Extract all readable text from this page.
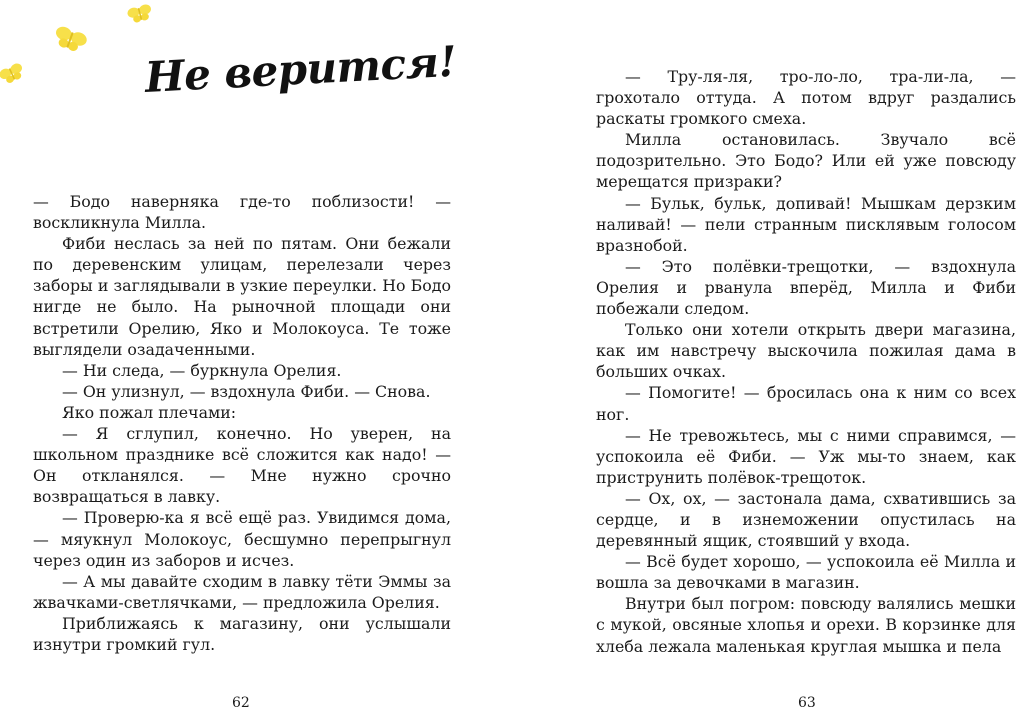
Не верится!

— Бодо наверняка где-то поблизости! — воскликнула Милла.

Фиби неслась за ней по пятам. Они бежали по деревенским улицам, перелезали через заборы и заглядывали в узкие переулки. Но Бодо нигде не было. На рыночной площади они встретили Орелию, Яко и Молокоуса. Те тоже выглядели озадаченными.

— Ни следа, — буркнула Орелия.

— Он улизнул, — вздохнула Фиби. — Снова.

Яко пожал плечами:

— Я сглупил, конечно. Но уверен, на школьном празднике всё сложится как надо! — Он откланялся. — Мне нужно срочно возвращаться в лавку.

— Проверю-ка я всё ещё раз. Увидимся дома, — мяукнул Молокоус, бесшумно перепрыгнул через один из заборов и исчез.

— А мы давайте сходим в лавку тёти Эммы за жвачками-светлячками, — предложила Орелия.

Приближаясь к магазину, они услышали изнутри громкий гул.

62

— Тру-ля-ля, тро-ло-ло, тра-ли-ла, — грохотало оттуда. А потом вдруг раздались раскаты громкого смеха.

Милла остановилась. Звучало всё подозрительно. Это Бодо? Или ей уже повсюду мерещатся призраки?

— Бульк, бульк, допивай! Мышкам дерзким наливай! — пели странным писклявым голосом вразнобой.

— Это полёвки-трещотки, — вздохнула Орелия и рванула вперёд, Милла и Фиби побежали следом.

Только они хотели открыть двери магазина, как им навстречу выскочила пожилая дама в больших очках.

— Помогите! — бросилась она к ним со всех ног.

— Не тревожьтесь, мы с ними справимся, — успокоила её Фиби. — Уж мы-то знаем, как приструнить полёвок-трещоток.

— Ох, ох, — застонала дама, схватившись за сердце, и в изнеможении опустилась на деревянный ящик, стоявший у входа.

— Всё будет хорошо, — успокоила её Милла и вошла за девочками в магазин.

Внутри был погром: повсюду валялись мешки с мукой, овсяные хлопья и орехи. В корзинке для хлеба лежала маленькая круглая мышка и пела

63
